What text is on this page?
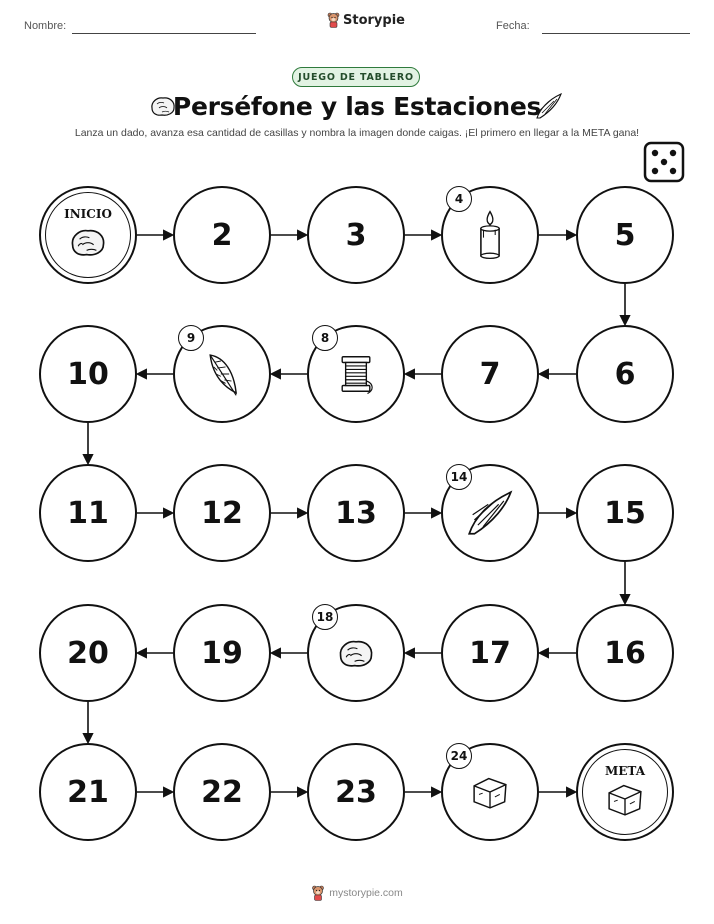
Nombre:	Storypie	Fecha:
JUEGO DE TABLERO
Perséfone y las Estaciones
Lanza un dado, avanza esa cantidad de casillas y nombra la imagen donde caigas. ¡El primero en llegar a la META gana!
INICIO
2	3
4
5
6
7
8
9
10
11	12	13
14
15
16
17
18
19
20
21	22	23
24
META
mystorypie.com
